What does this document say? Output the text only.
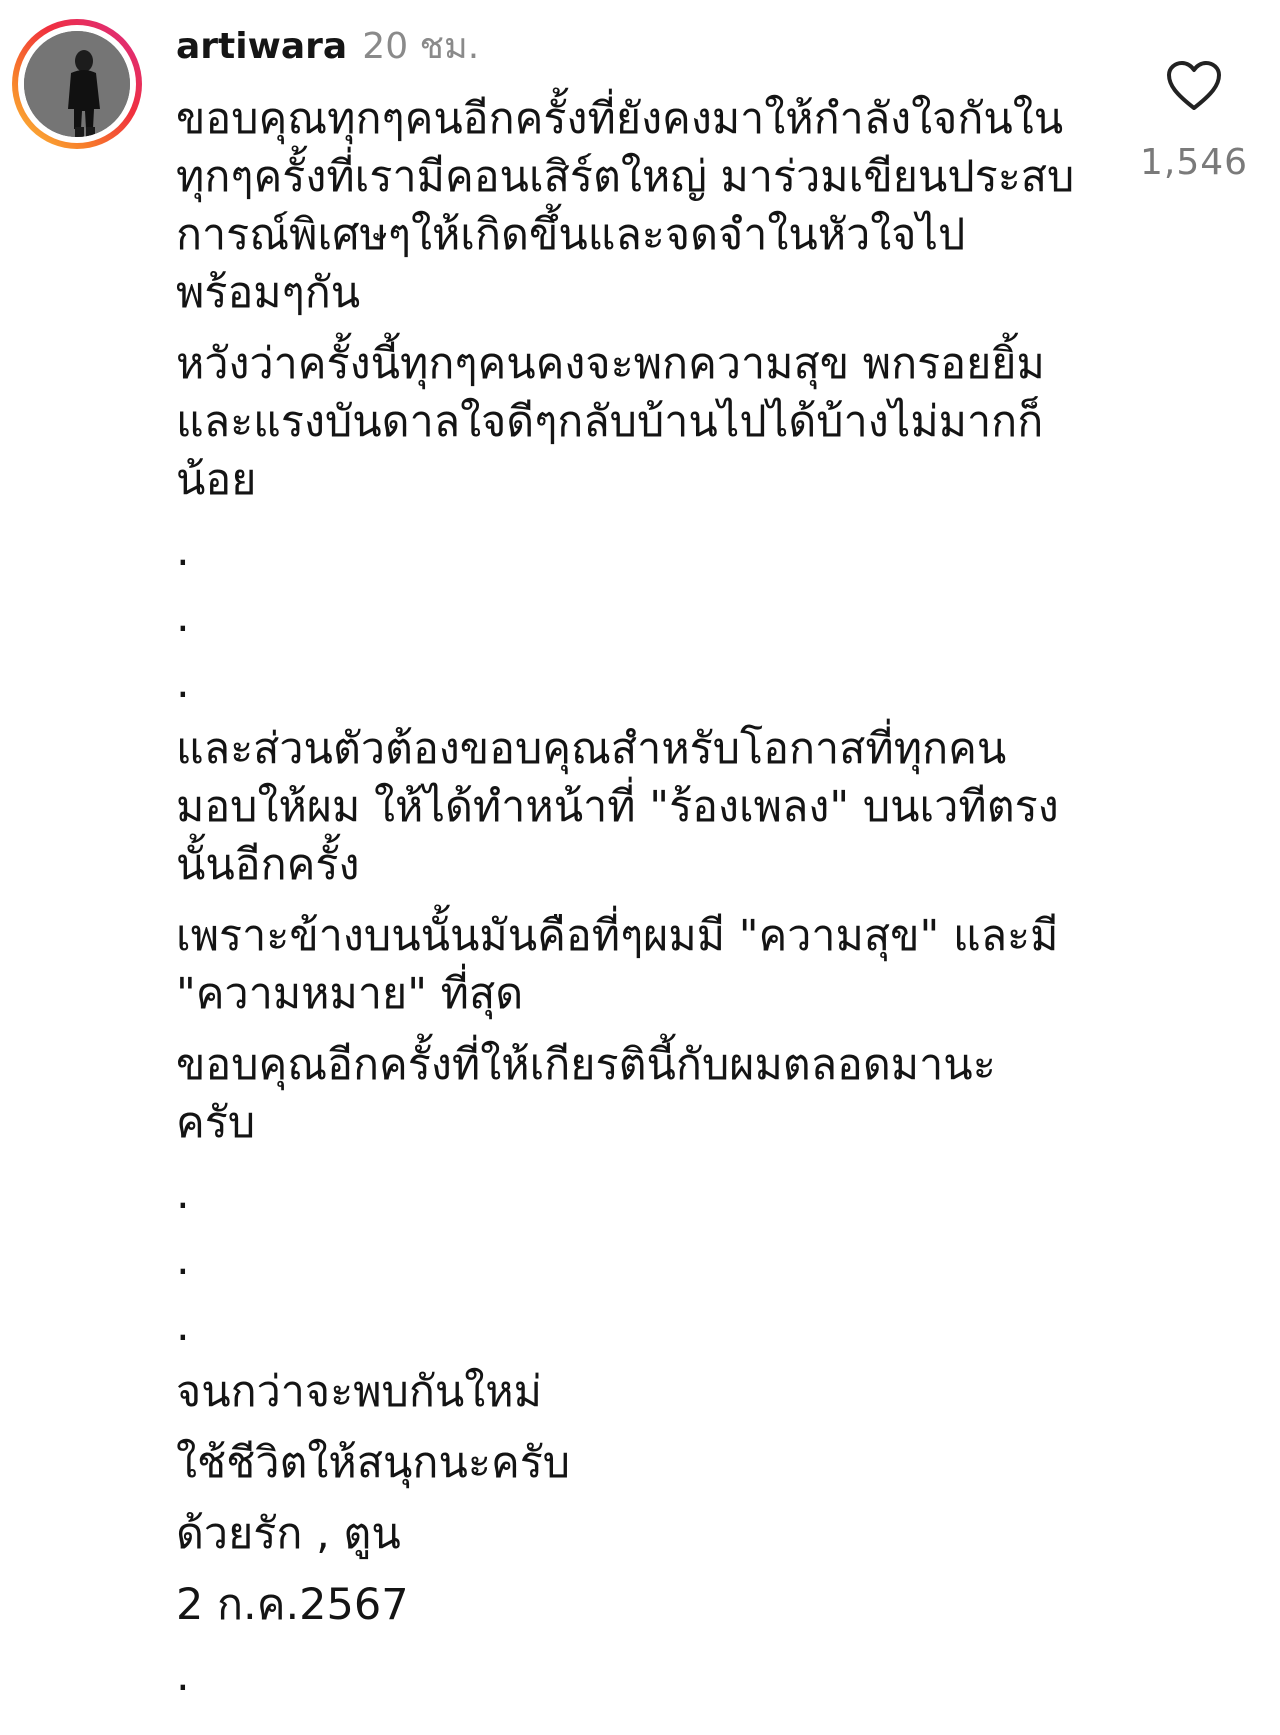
artiwara 20 ชม.
ขอบคุณทุกๆคนอีกครั้งที่ยังคงมาให้กำลังใจกันใน
ทุกๆครั้งที่เรามีคอนเสิร์ตใหญ่ มาร่วมเขียนประสบ
การณ์พิเศษๆให้เกิดขึ้นและจดจำในหัวใจไป
พร้อมๆกัน
หวังว่าครั้งนี้ทุกๆคนคงจะพกความสุข พกรอยยิ้ม
และแรงบันดาลใจดีๆกลับบ้านไปได้บ้างไม่มากก็
น้อย
.
.
.
และส่วนตัวต้องขอบคุณสำหรับโอกาสที่ทุกคน
มอบให้ผม ให้ได้ทำหน้าที่ "ร้องเพลง" บนเวทีตรง
นั้นอีกครั้ง
เพราะข้างบนนั้นมันคือที่ๆผมมี "ความสุข" และมี
"ความหมาย" ที่สุด
ขอบคุณอีกครั้งที่ให้เกียรตินี้กับผมตลอดมานะ
ครับ
.
.
.
จนกว่าจะพบกันใหม่
ใช้ชีวิตให้สนุกนะครับ
ด้วยรัก , ตูน
2 ก.ค.2567
.
1,546
